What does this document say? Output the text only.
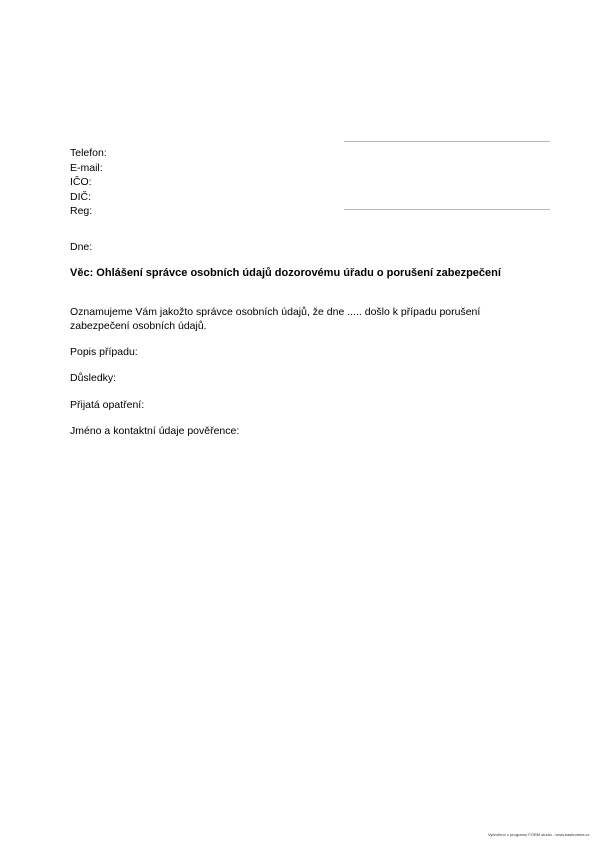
Telefon:
E-mail:
IČO:
DIČ:
Reg:
Dne:
Věc: Ohlášení správce osobních údajů dozorovému úřadu o porušení zabezpečení
Oznamujeme Vám jakožto správce osobních údajů, že dne ..... došlo k případu porušení zabezpečení osobních údajů.
Popis případu:
Důsledky:
Přijatá opatření:
Jméno a kontaktní údaje pověřence:
Vytvořeno v programu FORM studio - www.kaskromes.cz
